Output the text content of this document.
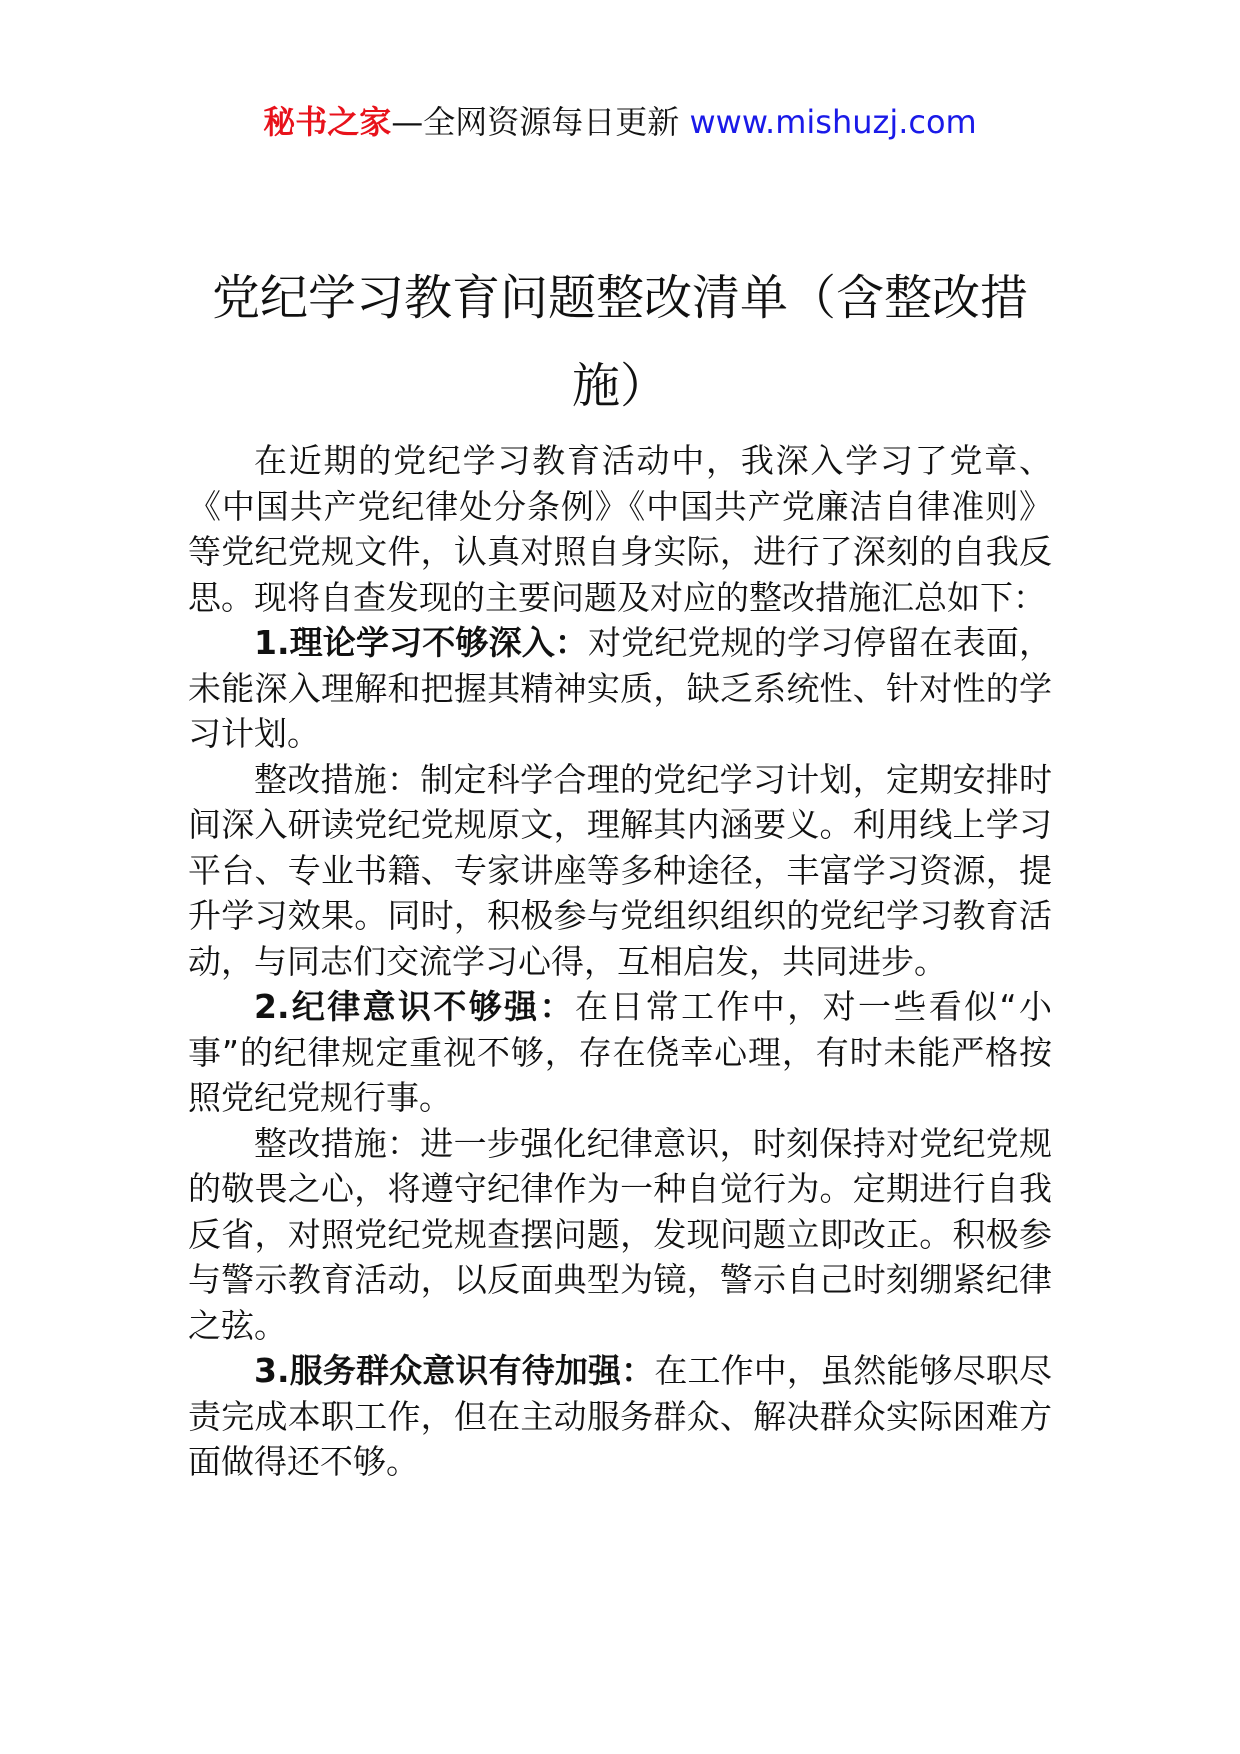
秘书之家—全网资源每日更新 www.mishuzj.com
党纪学习教育问题整改清单（含整改措施）

在近期的党纪学习教育活动中，我深入学习了党章、《中国共产党纪律处分条例》《中国共产党廉洁自律准则》等党纪党规文件，认真对照自身实际，进行了深刻的自我反思。现将自查发现的主要问题及对应的整改措施汇总如下：

1.理论学习不够深入：对党纪党规的学习停留在表面，未能深入理解和把握其精神实质，缺乏系统性、针对性的学习计划。

整改措施：制定科学合理的党纪学习计划，定期安排时间深入研读党纪党规原文，理解其内涵要义。利用线上学习平台、专业书籍、专家讲座等多种途径，丰富学习资源，提升学习效果。同时，积极参与党组织组织的党纪学习教育活动，与同志们交流学习心得，互相启发，共同进步。

2.纪律意识不够强：在日常工作中，对一些看似“小事”的纪律规定重视不够，存在侥幸心理，有时未能严格按照党纪党规行事。

整改措施：进一步强化纪律意识，时刻保持对党纪党规的敬畏之心，将遵守纪律作为一种自觉行为。定期进行自我反省，对照党纪党规查摆问题，发现问题立即改正。积极参与警示教育活动，以反面典型为镜，警示自己时刻绷紧纪律之弦。

3.服务群众意识有待加强：在工作中，虽然能够尽职尽责完成本职工作，但在主动服务群众、解决群众实际困难方面做得还不够。
